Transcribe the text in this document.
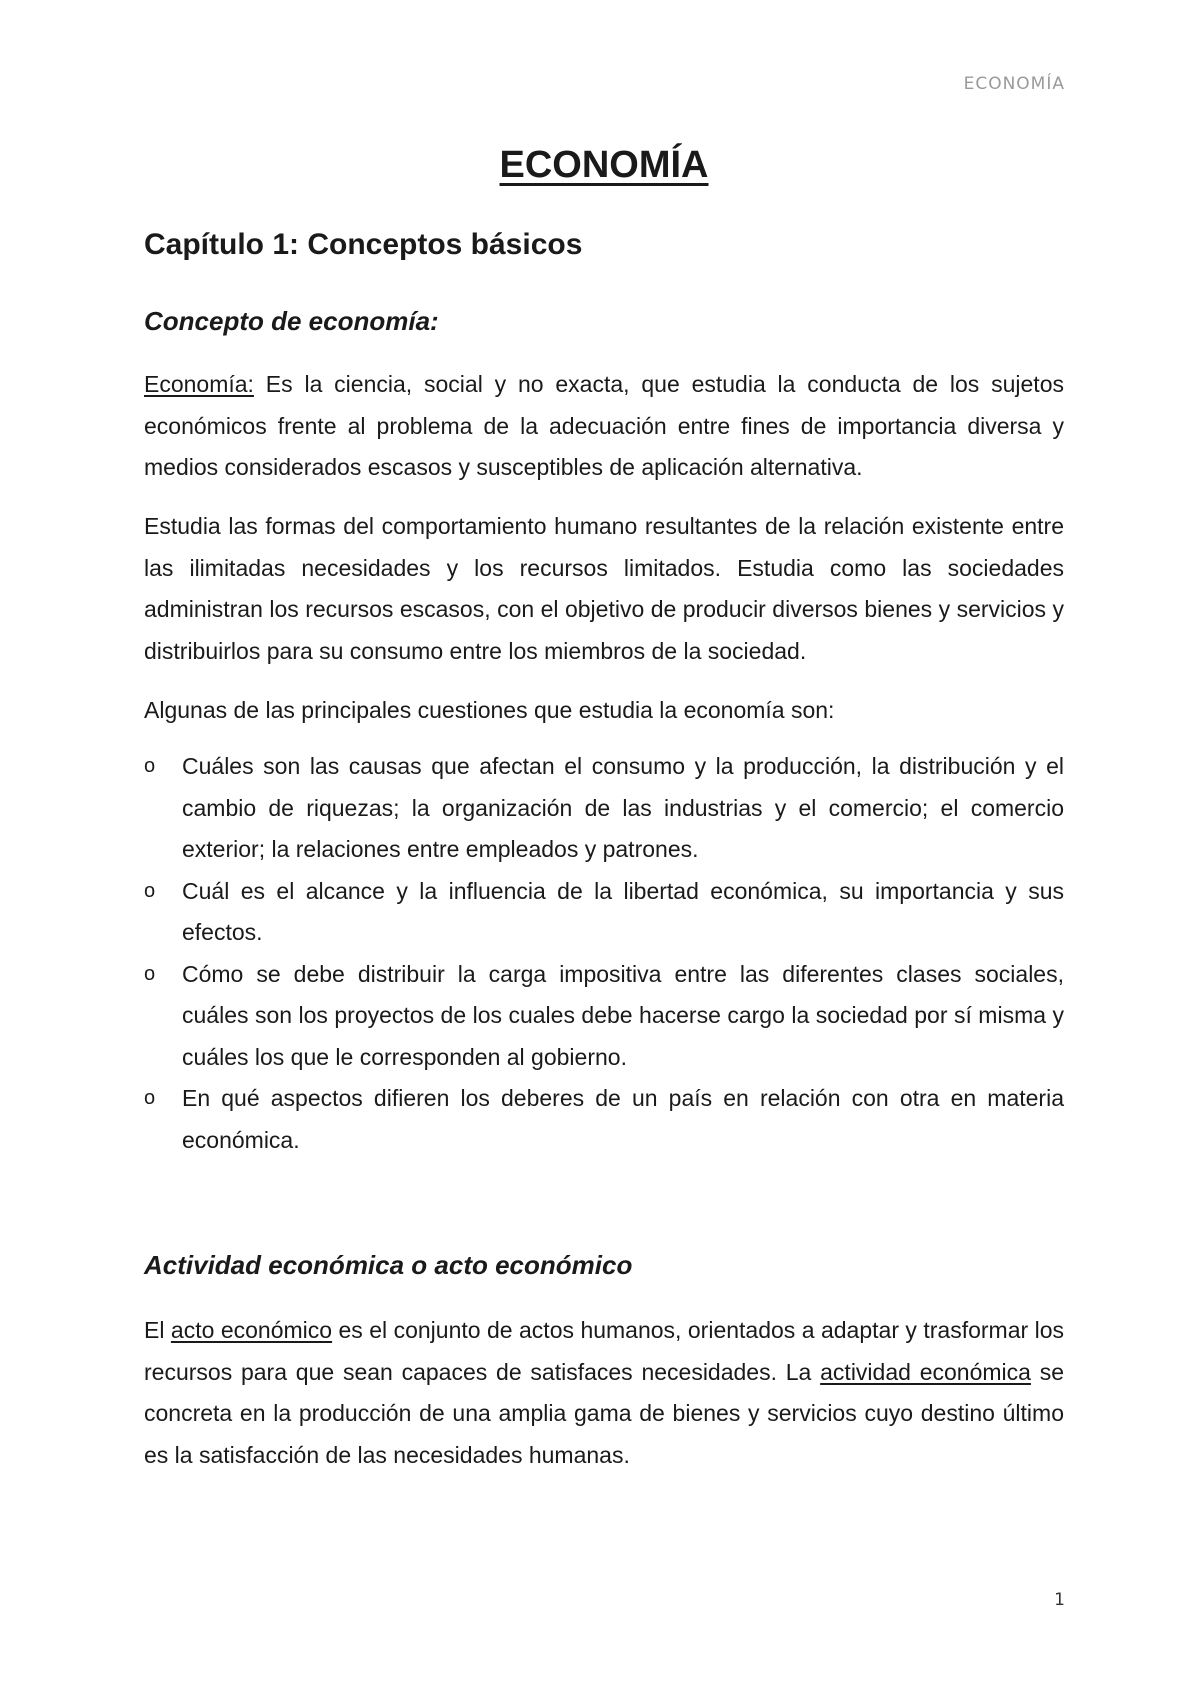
ECONOMÍA
ECONOMÍA
Capítulo 1: Conceptos básicos
Concepto de economía:

Economía: Es la ciencia, social y no exacta, que estudia la conducta de los sujetos económicos frente al problema de la adecuación entre fines de importancia diversa y medios considerados escasos y susceptibles de aplicación alternativa.

Estudia las formas del comportamiento humano resultantes de la relación existente entre las ilimitadas necesidades y los recursos limitados. Estudia como las sociedades administran los recursos escasos, con el objetivo de producir diversos bienes y servicios y distribuirlos para su consumo entre los miembros de la sociedad.

Algunas de las principales cuestiones que estudia la economía son:

o Cuáles son las causas que afectan el consumo y la producción, la distribución y el cambio de riquezas; la organización de las industrias y el comercio; el comercio exterior; la relaciones entre empleados y patrones.
o Cuál es el alcance y la influencia de la libertad económica, su importancia y sus efectos.
o Cómo se debe distribuir la carga impositiva entre las diferentes clases sociales, cuáles son los proyectos de los cuales debe hacerse cargo la sociedad por sí misma y cuáles los que le corresponden al gobierno.
o En qué aspectos difieren los deberes de un país en relación con otra en materia económica.
Actividad económica o acto económico

El acto económico es el conjunto de actos humanos, orientados a adaptar y trasformar los recursos para que sean capaces de satisfaces necesidades. La actividad económica se concreta en la producción de una amplia gama de bienes y servicios cuyo destino último es la satisfacción de las necesidades humanas.

1
